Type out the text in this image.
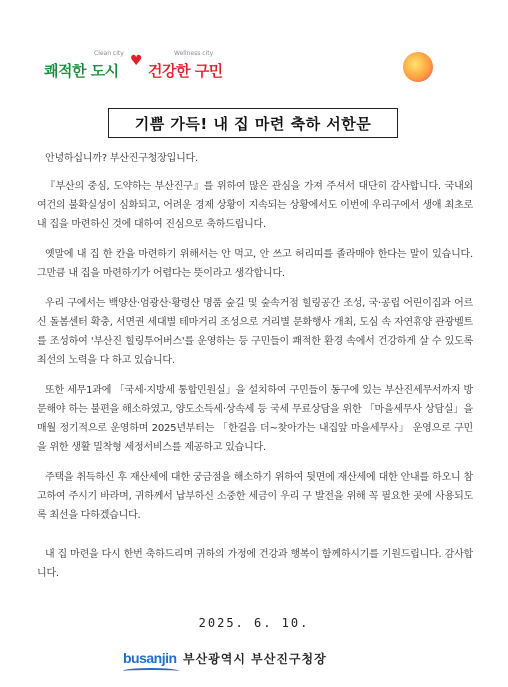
Clean city
쾌적한 도시
♥	Wellness city
건강한 구민
기쁨 가득! 내 집 마련 축하 서한문

안녕하십니까? 부산진구청장입니다.

『부산의 중심, 도약하는 부산진구』를 위하여 많은 관심을 가져 주셔서 대단히 감사합니다. 국내외 여건의 불확실성이 심화되고, 어려운 경제 상황이 지속되는 상황에서도 이번에 우리구에서 생애 최초로 내 집을 마련하신 것에 대하여 진심으로 축하드립니다.

옛말에 내 집 한 칸을 마련하기 위해서는 안 먹고, 안 쓰고 허리띠를 졸라매야 한다는 말이 있습니다. 그만큼 내 집을 마련하기가 어렵다는 뜻이라고 생각합니다.

우리 구에서는 백양산·엄광산·황령산 명품 숲길 및 숲속거점 힐링공간 조성, 국·공립 어린이집과 어르신 돌봄센터 확충, 서면권 세대별 테마거리 조성으로 거리별 문화행사 개최, 도심 속 자연휴양 관광벨트를 조성하여 '부산진 힐링투어버스'를 운영하는 등 구민들이 쾌적한 환경 속에서 건강하게 살 수 있도록 최선의 노력을 다 하고 있습니다.

또한 세무1과에 「국세·지방세 통합민원실」을 설치하여 구민들이 동구에 있는 부산진세무서까지 방문해야 하는 불편을 해소하였고, 양도소득세·상속세 등 국세 무료상담을 위한 「마을세무사 상담실」을 매월 정기적으로 운영하며 2025년부터는 「한걸음 더~찾아가는 내집앞 마을세무사」 운영으로 구민을 위한 생활 밀착형 세정서비스를 제공하고 있습니다.

주택을 취득하신 후 재산세에 대한 궁금점을 해소하기 위하여 뒷면에 재산세에 대한 안내를 하오니 참고하여 주시기 바라며, 귀하께서 납부하신 소중한 세금이 우리 구 발전을 위해 꼭 필요한 곳에 사용되도록 최선을 다하겠습니다.

내 집 마련을 다시 한번 축하드리며 귀하의 가정에 건강과 행복이 함께하시기를 기원드립니다. 감사합니다.

2025. 6. 10.
busanjin 부산광역시 부산진구청장
